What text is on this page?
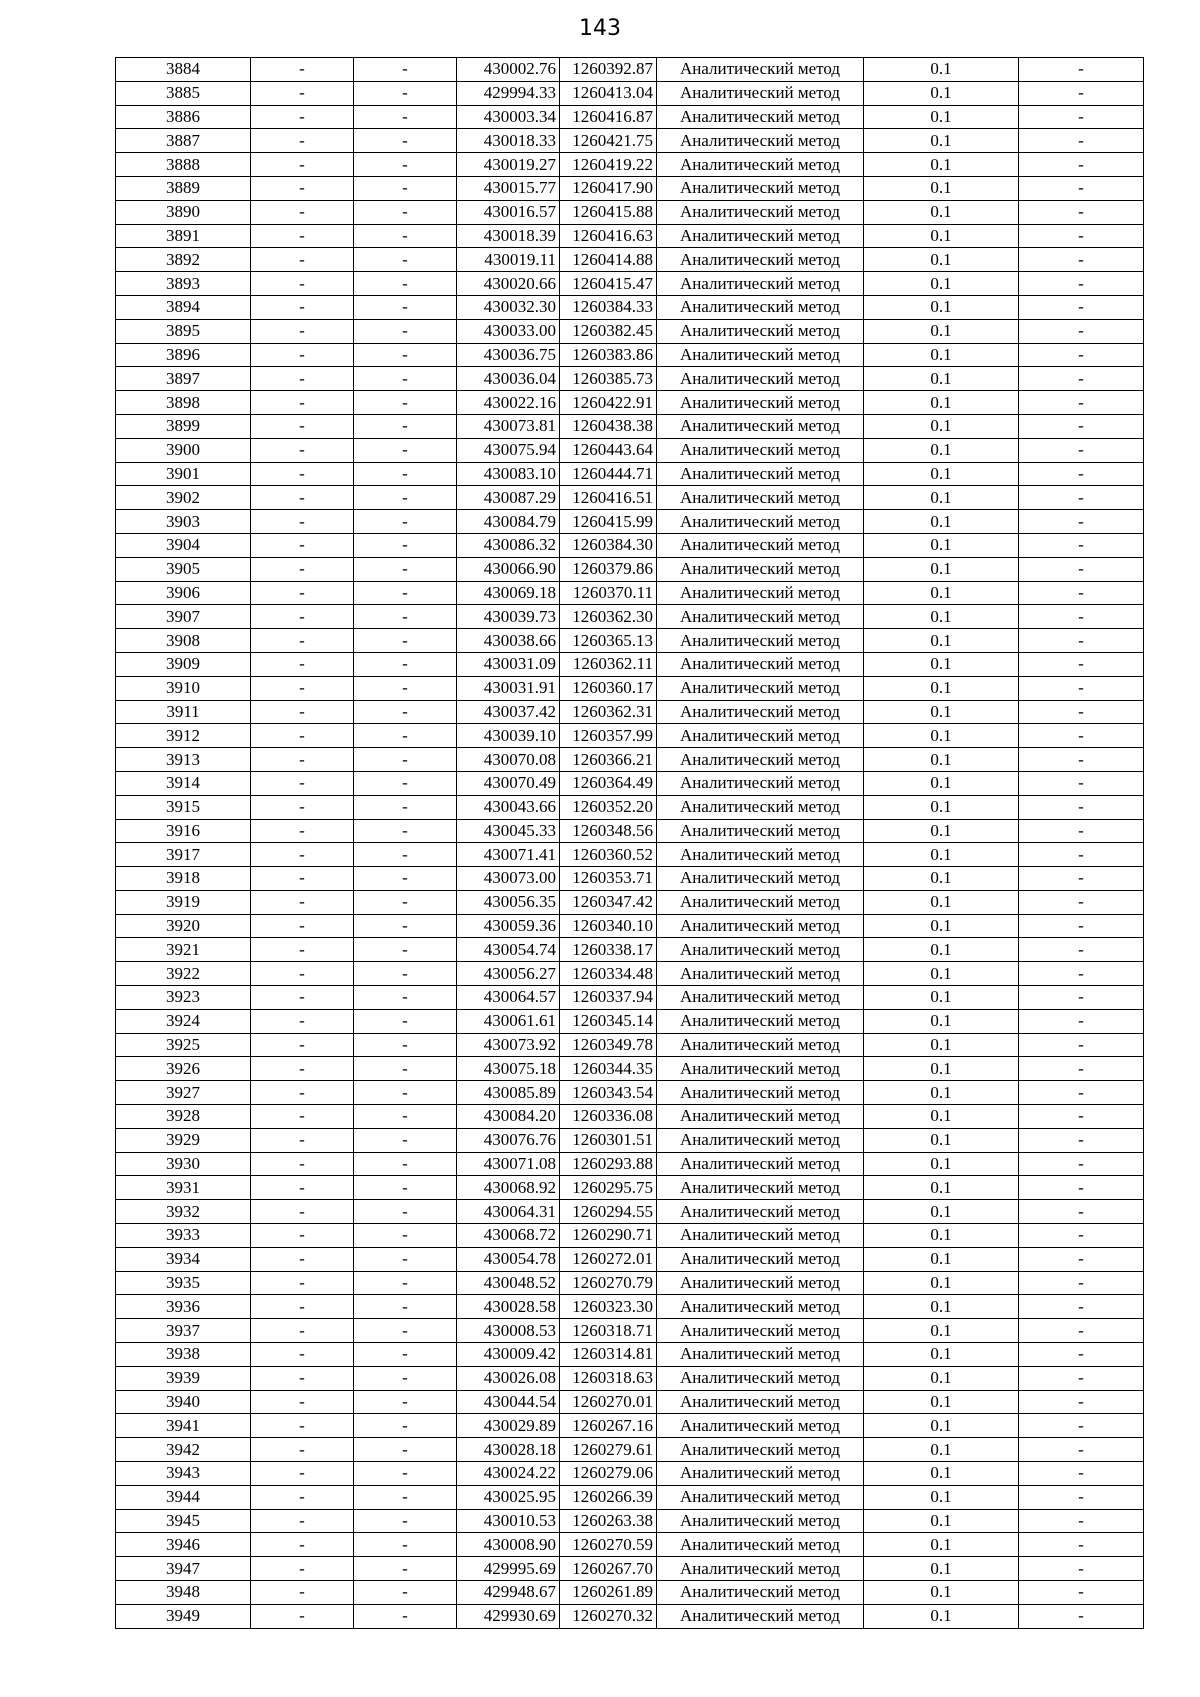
143
3884	-	-	430002.76	1260392.87	Аналитический метод	0.1	-
3885	-	-	429994.33	1260413.04	Аналитический метод	0.1	-
3886	-	-	430003.34	1260416.87	Аналитический метод	0.1	-
3887	-	-	430018.33	1260421.75	Аналитический метод	0.1	-
3888	-	-	430019.27	1260419.22	Аналитический метод	0.1	-
3889	-	-	430015.77	1260417.90	Аналитический метод	0.1	-
3890	-	-	430016.57	1260415.88	Аналитический метод	0.1	-
3891	-	-	430018.39	1260416.63	Аналитический метод	0.1	-
3892	-	-	430019.11	1260414.88	Аналитический метод	0.1	-
3893	-	-	430020.66	1260415.47	Аналитический метод	0.1	-
3894	-	-	430032.30	1260384.33	Аналитический метод	0.1	-
3895	-	-	430033.00	1260382.45	Аналитический метод	0.1	-
3896	-	-	430036.75	1260383.86	Аналитический метод	0.1	-
3897	-	-	430036.04	1260385.73	Аналитический метод	0.1	-
3898	-	-	430022.16	1260422.91	Аналитический метод	0.1	-
3899	-	-	430073.81	1260438.38	Аналитический метод	0.1	-
3900	-	-	430075.94	1260443.64	Аналитический метод	0.1	-
3901	-	-	430083.10	1260444.71	Аналитический метод	0.1	-
3902	-	-	430087.29	1260416.51	Аналитический метод	0.1	-
3903	-	-	430084.79	1260415.99	Аналитический метод	0.1	-
3904	-	-	430086.32	1260384.30	Аналитический метод	0.1	-
3905	-	-	430066.90	1260379.86	Аналитический метод	0.1	-
3906	-	-	430069.18	1260370.11	Аналитический метод	0.1	-
3907	-	-	430039.73	1260362.30	Аналитический метод	0.1	-
3908	-	-	430038.66	1260365.13	Аналитический метод	0.1	-
3909	-	-	430031.09	1260362.11	Аналитический метод	0.1	-
3910	-	-	430031.91	1260360.17	Аналитический метод	0.1	-
3911	-	-	430037.42	1260362.31	Аналитический метод	0.1	-
3912	-	-	430039.10	1260357.99	Аналитический метод	0.1	-
3913	-	-	430070.08	1260366.21	Аналитический метод	0.1	-
3914	-	-	430070.49	1260364.49	Аналитический метод	0.1	-
3915	-	-	430043.66	1260352.20	Аналитический метод	0.1	-
3916	-	-	430045.33	1260348.56	Аналитический метод	0.1	-
3917	-	-	430071.41	1260360.52	Аналитический метод	0.1	-
3918	-	-	430073.00	1260353.71	Аналитический метод	0.1	-
3919	-	-	430056.35	1260347.42	Аналитический метод	0.1	-
3920	-	-	430059.36	1260340.10	Аналитический метод	0.1	-
3921	-	-	430054.74	1260338.17	Аналитический метод	0.1	-
3922	-	-	430056.27	1260334.48	Аналитический метод	0.1	-
3923	-	-	430064.57	1260337.94	Аналитический метод	0.1	-
3924	-	-	430061.61	1260345.14	Аналитический метод	0.1	-
3925	-	-	430073.92	1260349.78	Аналитический метод	0.1	-
3926	-	-	430075.18	1260344.35	Аналитический метод	0.1	-
3927	-	-	430085.89	1260343.54	Аналитический метод	0.1	-
3928	-	-	430084.20	1260336.08	Аналитический метод	0.1	-
3929	-	-	430076.76	1260301.51	Аналитический метод	0.1	-
3930	-	-	430071.08	1260293.88	Аналитический метод	0.1	-
3931	-	-	430068.92	1260295.75	Аналитический метод	0.1	-
3932	-	-	430064.31	1260294.55	Аналитический метод	0.1	-
3933	-	-	430068.72	1260290.71	Аналитический метод	0.1	-
3934	-	-	430054.78	1260272.01	Аналитический метод	0.1	-
3935	-	-	430048.52	1260270.79	Аналитический метод	0.1	-
3936	-	-	430028.58	1260323.30	Аналитический метод	0.1	-
3937	-	-	430008.53	1260318.71	Аналитический метод	0.1	-
3938	-	-	430009.42	1260314.81	Аналитический метод	0.1	-
3939	-	-	430026.08	1260318.63	Аналитический метод	0.1	-
3940	-	-	430044.54	1260270.01	Аналитический метод	0.1	-
3941	-	-	430029.89	1260267.16	Аналитический метод	0.1	-
3942	-	-	430028.18	1260279.61	Аналитический метод	0.1	-
3943	-	-	430024.22	1260279.06	Аналитический метод	0.1	-
3944	-	-	430025.95	1260266.39	Аналитический метод	0.1	-
3945	-	-	430010.53	1260263.38	Аналитический метод	0.1	-
3946	-	-	430008.90	1260270.59	Аналитический метод	0.1	-
3947	-	-	429995.69	1260267.70	Аналитический метод	0.1	-
3948	-	-	429948.67	1260261.89	Аналитический метод	0.1	-
3949	-	-	429930.69	1260270.32	Аналитический метод	0.1	-
